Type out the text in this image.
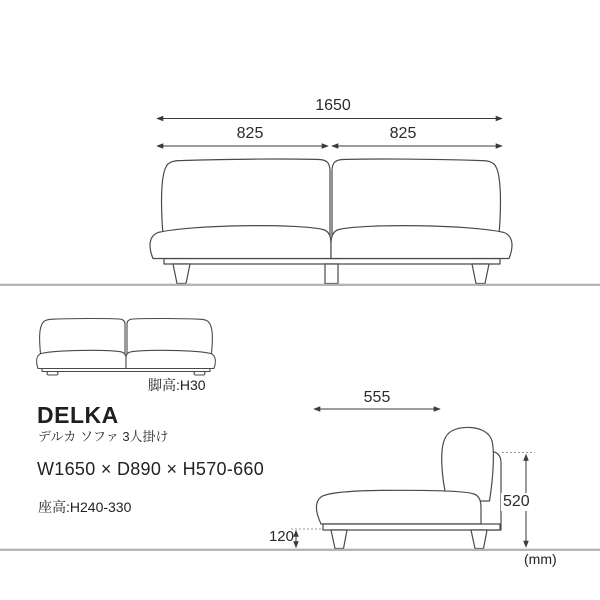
1650
825	825
脚高:H30
DELKA
デルカ ソファ 3人掛け
W1650 × D890 × H570-660
座高:H240-330
555
520
120
(mm)
